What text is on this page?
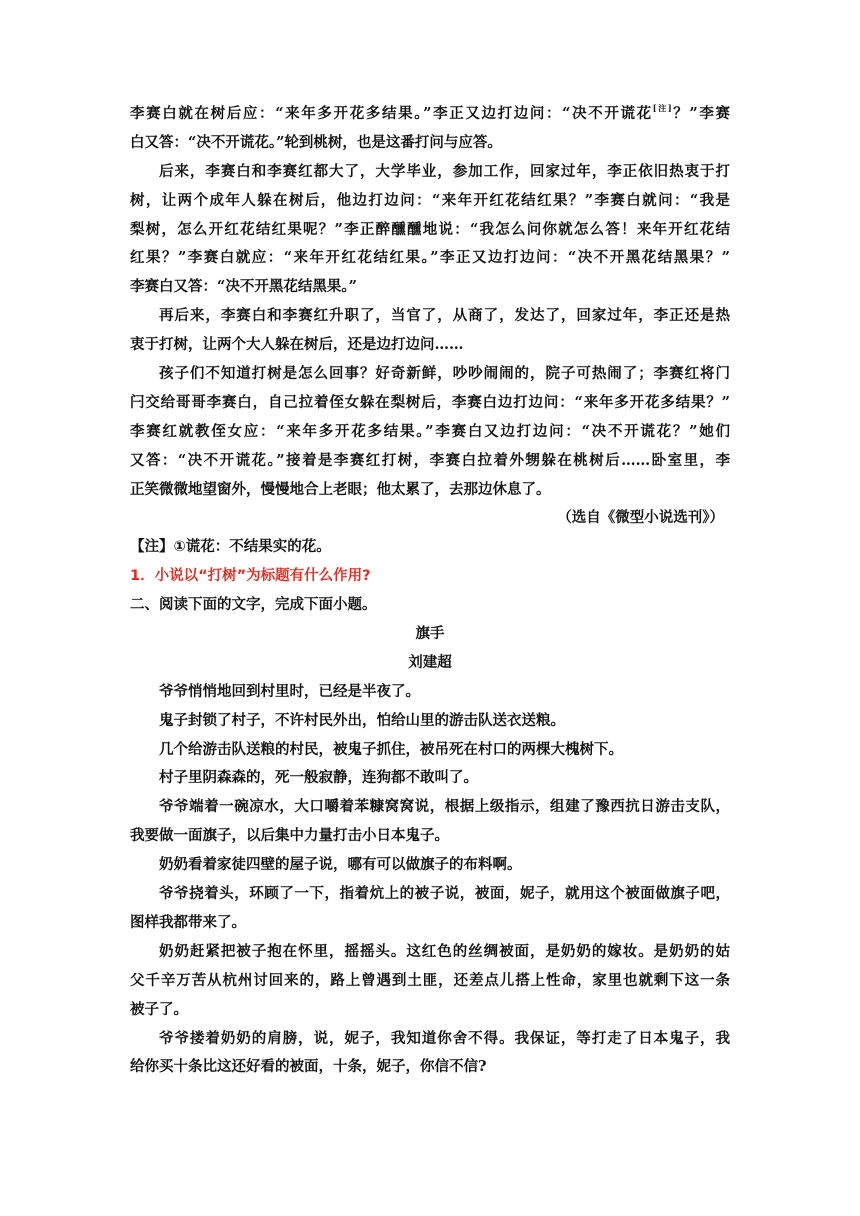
李赛白就在树后应：“来年多开花多结果。”李正又边打边问：“决不开谎花[注]？”李赛
白又答：“决不开谎花。”轮到桃树，也是这番打问与应答。
后来，李赛白和李赛红都大了，大学毕业，参加工作，回家过年，李正依旧热衷于打
树，让两个成年人躲在树后，他边打边问：“来年开红花结红果？”李赛白就问：“我是
梨树，怎么开红花结红果呢？”李正醉醺醺地说：“我怎么问你就怎么答！来年开红花结
红果？”李赛白就应：“来年开红花结红果。”李正又边打边问：“决不开黑花结黑果？”
李赛白又答：“决不开黑花结黑果。”
再后来，李赛白和李赛红升职了，当官了，从商了，发达了，回家过年，李正还是热
衷于打树，让两个大人躲在树后，还是边打边问……
孩子们不知道打树是怎么回事？好奇新鲜，吵吵闹闹的，院子可热闹了；李赛红将门
闩交给哥哥李赛白，自己拉着侄女躲在梨树后，李赛白边打边问：“来年多开花多结果？”
李赛红就教侄女应：“来年多开花多结果。”李赛白又边打边问：“决不开谎花？”她们
又答：“决不开谎花。”接着是李赛红打树，李赛白拉着外甥躲在桃树后……卧室里，李
正笑微微地望窗外，慢慢地合上老眼；他太累了，去那边休息了。
（选自《微型小说选刊》）
【注】①谎花：不结果实的花。
1．小说以“打树”为标题有什么作用?
二、阅读下面的文字，完成下面小题。
旗手
刘建超
爷爷悄悄地回到村里时，已经是半夜了。
鬼子封锁了村子，不许村民外出，怕给山里的游击队送衣送粮。
几个给游击队送粮的村民，被鬼子抓住，被吊死在村口的两棵大槐树下。
村子里阴森森的，死一般寂静，连狗都不敢叫了。
爷爷端着一碗凉水，大口嚼着苯糠窝窝说，根据上级指示，组建了豫西抗日游击支队，
我要做一面旗子，以后集中力量打击小日本鬼子。
奶奶看着家徒四壁的屋子说，哪有可以做旗子的布料啊。
爷爷挠着头，环顾了一下，指着炕上的被子说，被面，妮子，就用这个被面做旗子吧，
图样我都带来了。
奶奶赶紧把被子抱在怀里，摇摇头。这红色的丝绸被面，是奶奶的嫁妆。是奶奶的姑
父千辛万苦从杭州讨回来的，路上曾遇到土匪，还差点儿搭上性命，家里也就剩下这一条
被子了。
爷爷搂着奶奶的肩膀，说，妮子，我知道你舍不得。我保证，等打走了日本鬼子，我
给你买十条比这还好看的被面，十条，妮子，你信不信?
